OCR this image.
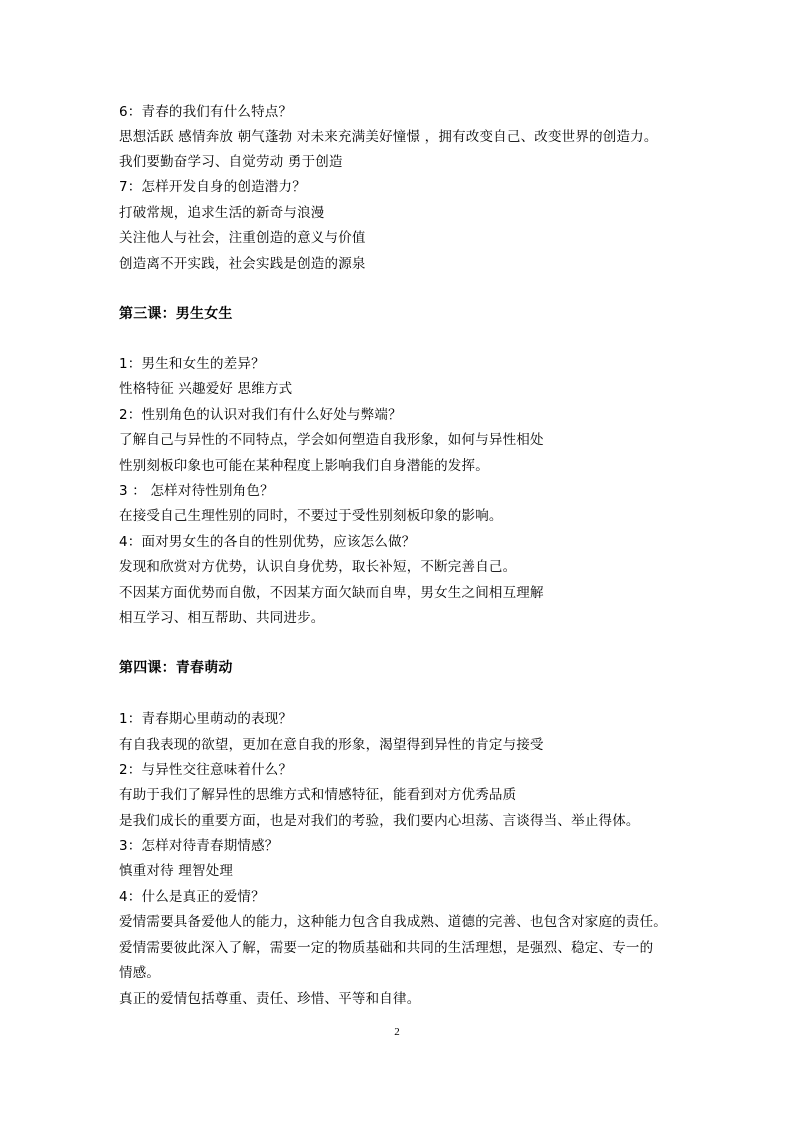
6：青春的我们有什么特点？
思想活跃 感情奔放 朝气蓬勃 对未来充满美好憧憬 ，拥有改变自己、改变世界的创造力。
我们要勤奋学习、自觉劳动 勇于创造
7：怎样开发自身的创造潜力？
打破常规，追求生活的新奇与浪漫
关注他人与社会，注重创造的意义与价值
创造离不开实践，社会实践是创造的源泉
第三课：男生女生
1：男生和女生的差异？
性格特征 兴趣爱好 思维方式
2：性别角色的认识对我们有什么好处与弊端？
了解自己与异性的不同特点，学会如何塑造自我形象，如何与异性相处
性别刻板印象也可能在某种程度上影响我们自身潜能的发挥。
3 ： 怎样对待性别角色？
在接受自己生理性别的同时，不要过于受性别刻板印象的影响。
4：面对男女生的各自的性别优势，应该怎么做？
发现和欣赏对方优势，认识自身优势，取长补短，不断完善自己。
不因某方面优势而自傲，不因某方面欠缺而自卑，男女生之间相互理解
相互学习、相互帮助、共同进步。
第四课：青春萌动
1：青春期心里萌动的表现？
有自我表现的欲望，更加在意自我的形象，渴望得到异性的肯定与接受
2：与异性交往意味着什么？
有助于我们了解异性的思维方式和情感特征，能看到对方优秀品质
是我们成长的重要方面，也是对我们的考验，我们要内心坦荡、言谈得当、举止得体。
3：怎样对待青春期情感？
慎重对待 理智处理
4：什么是真正的爱情？
爱情需要具备爱他人的能力，这种能力包含自我成熟、道德的完善、也包含对家庭的责任。
爱情需要彼此深入了解，需要一定的物质基础和共同的生活理想，是强烈、稳定、专一的
情感。
真正的爱情包括尊重、责任、珍惜、平等和自律。
2
